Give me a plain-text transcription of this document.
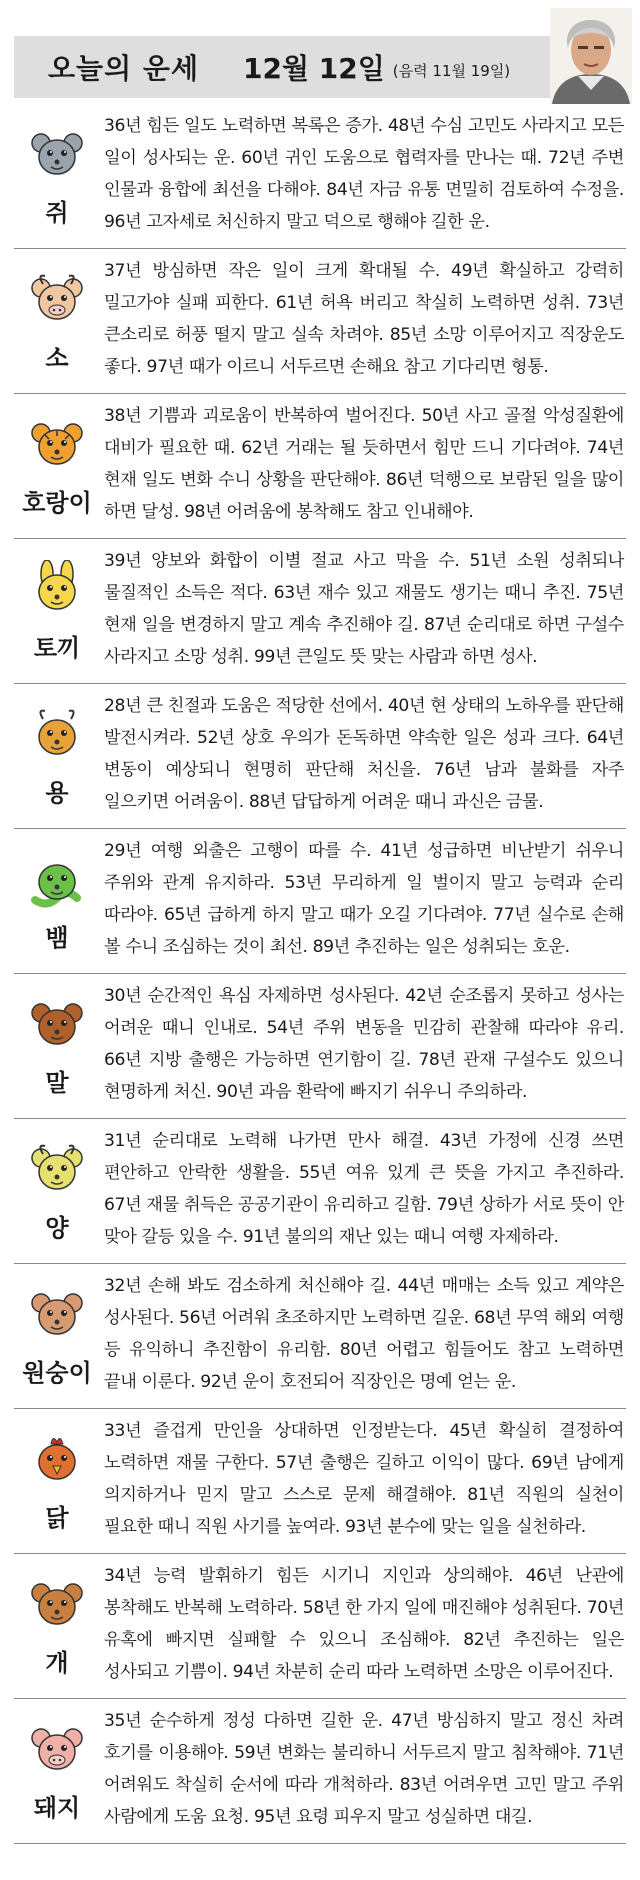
오늘의 운세 12월 12일 (음력 11월 19일)
쥐
36년 힘든 일도 노력하면 복록은 증가. 48년 수심 고민도 사라지고 모든 일이 성사되는 운. 60년 귀인 도움으로 협력자를 만나는 때. 72년 주변 인물과 융합에 최선을 다해야. 84년 자금 유통 면밀히 검토하여 수정을. 96년 고자세로 처신하지 말고 덕으로 행해야 길한 운.
소
37년 방심하면 작은 일이 크게 확대될 수. 49년 확실하고 강력히 밀고가야 실패 피한다. 61년 허욕 버리고 착실히 노력하면 성취. 73년 큰소리로 허풍 떨지 말고 실속 차려야. 85년 소망 이루어지고 직장운도 좋다. 97년 때가 이르니 서두르면 손해요 참고 기다리면 형통.
호랑이
38년 기쁨과 괴로움이 반복하여 벌어진다. 50년 사고 골절 악성질환에 대비가 필요한 때. 62년 거래는 될 듯하면서 힘만 드니 기다려야. 74년 현재 일도 변화 수니 상황을 판단해야. 86년 덕행으로 보람된 일을 많이 하면 달성. 98년 어려움에 봉착해도 참고 인내해야.
토끼
39년 양보와 화합이 이별 절교 사고 막을 수. 51년 소원 성취되나 물질적인 소득은 적다. 63년 재수 있고 재물도 생기는 때니 추진. 75년 현재 일을 변경하지 말고 계속 추진해야 길. 87년 순리대로 하면 구설수 사라지고 소망 성취. 99년 큰일도 뜻 맞는 사람과 하면 성사.
용
28년 큰 친절과 도움은 적당한 선에서. 40년 현 상태의 노하우를 판단해 발전시켜라. 52년 상호 우의가 돈독하면 약속한 일은 성과 크다. 64년 변동이 예상되니 현명히 판단해 처신을. 76년 남과 불화를 자주 일으키면 어려움이. 88년 답답하게 어려운 때니 과신은 금물.
뱀
29년 여행 외출은 고행이 따를 수. 41년 성급하면 비난받기 쉬우니 주위와 관계 유지하라. 53년 무리하게 일 벌이지 말고 능력과 순리 따라야. 65년 급하게 하지 말고 때가 오길 기다려야. 77년 실수로 손해 볼 수니 조심하는 것이 최선. 89년 추진하는 일은 성취되는 호운.
말
30년 순간적인 욕심 자제하면 성사된다. 42년 순조롭지 못하고 성사는 어려운 때니 인내로. 54년 주위 변동을 민감히 관찰해 따라야 유리. 66년 지방 출행은 가능하면 연기함이 길. 78년 관재 구설수도 있으니 현명하게 처신. 90년 과음 환락에 빠지기 쉬우니 주의하라.
양
31년 순리대로 노력해 나가면 만사 해결. 43년 가정에 신경 쓰면 편안하고 안락한 생활을. 55년 여유 있게 큰 뜻을 가지고 추진하라. 67년 재물 취득은 공공기관이 유리하고 길함. 79년 상하가 서로 뜻이 안 맞아 갈등 있을 수. 91년 불의의 재난 있는 때니 여행 자제하라.
원숭이
32년 손해 봐도 검소하게 처신해야 길. 44년 매매는 소득 있고 계약은 성사된다. 56년 어려워 초조하지만 노력하면 길운. 68년 무역 해외 여행 등 유익하니 추진함이 유리함. 80년 어렵고 힘들어도 참고 노력하면 끝내 이룬다. 92년 운이 호전되어 직장인은 명예 얻는 운.
닭
33년 즐겁게 만인을 상대하면 인정받는다. 45년 확실히 결정하여 노력하면 재물 구한다. 57년 출행은 길하고 이익이 많다. 69년 남에게 의지하거나 믿지 말고 스스로 문제 해결해야. 81년 직원의 실천이 필요한 때니 직원 사기를 높여라. 93년 분수에 맞는 일을 실천하라.
개
34년 능력 발휘하기 힘든 시기니 지인과 상의해야. 46년 난관에 봉착해도 반복해 노력하라. 58년 한 가지 일에 매진해야 성취된다. 70년 유혹에 빠지면 실패할 수 있으니 조심해야. 82년 추진하는 일은 성사되고 기쁨이. 94년 차분히 순리 따라 노력하면 소망은 이루어진다.
돼지
35년 순수하게 정성 다하면 길한 운. 47년 방심하지 말고 정신 차려 호기를 이용해야. 59년 변화는 불리하니 서두르지 말고 침착해야. 71년 어려워도 착실히 순서에 따라 개척하라. 83년 어려우면 고민 말고 주위 사람에게 도움 요청. 95년 요령 피우지 말고 성실하면 대길.
